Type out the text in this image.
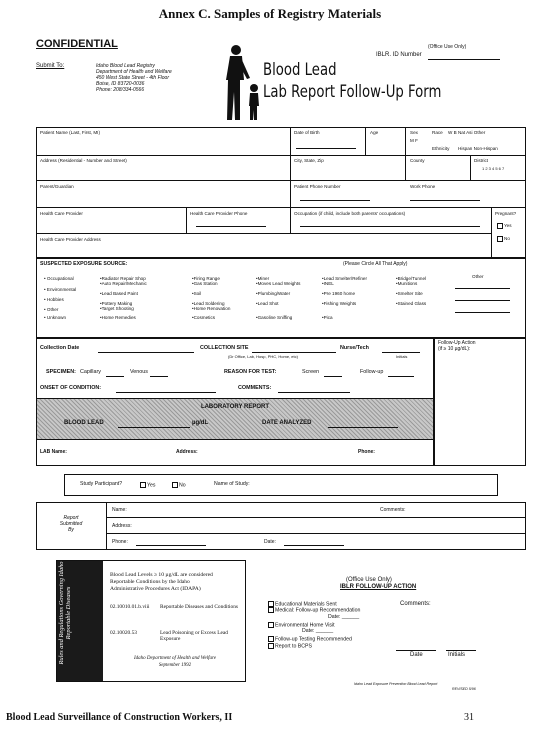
Annex C. Samples of Registry Materials
CONFIDENTIAL	(Office Use Only)
IBLR. ID Number
Submit To:	Idaho Blood Lead Registry
Department of Health and Welfare
450 West State Street - 4th Floor
Boise, ID 83720-0036
Phone: 208/334-0566
Blood Lead
Lab Report Follow-Up Form
Patient Name (Last, First, MI)	Date of Birth	Age	Sex
M F
Race W B Nat Asi Other
Ethnicity Hispan Non-Hispan
Address (Residential - Number and Street)	City, State, Zip	County	District
1 2 3 4 5 6 7
Parent/Guardian	Patient Phone Number	Work Phone
Health Care Provider	Health Care Provider Phone	Occupation (if child, include both parents' occupations)	Pregnant?
Yes
No
Health Care Provider Address
SUSPECTED EXPOSURE SOURCE:	(Please Circle All That Apply)
Other
• Occupational
• Environmental
• Hobbies
• Other
• Unknown
•Radiator Repair Shop
•Auto Repair/Mechanic
•Lead Based Paint
•Pottery Making
•Target Shooting
•Home Remedies
•Firing Range
•Gas Station
•Soil
•Lead Soldering
•Home Renovation
•Cosmetics
•Miner
•Moves Lead Weights
•Plumbing/Water
•Lead Shot
•Gasoline Sniffing
•Lead Smelter/Refiner
•INEL
•Pre 1960 home
•Fishing Weights
•Pica
•Bridge/Tunnel
•Munitions
•Smelter Site
•Stained Glass
Follow-Up Action
(if ≥ 10 µg/dL):
Collection Date	COLLECTION SITE
(Dr Office, Lab, Hosp, PHC, Home, etc)
Nurse/Tech
Initials
SPECIMEN: Capillary	Venous	REASON FOR TEST:	Screen	Follow-up
ONSET OF CONDITION:	COMMENTS:
LABORATORY REPORT
BLOOD LEAD	µg/dL	DATE ANALYZED
LAB Name:	Address:	Phone:
Study Participant?	Yes	No	Name of Study:
Report
Submitted
By
Name:	Comments:
Address:
Phone:	Date:
Rules and Regulations Governing Idaho Reportable Diseases
Blood Lead Levels ≥ 10 µg/dL are considered
Reportable Conditions by the Idaho
Administrative Procedures Act (IDAPA)
02.10010.01.b.viii Reportable Diseases and Conditions
02.10020.53	Lead Poisoning or Excess Lead Exposure
Idaho Department of Health and Welfare
September 1992
(Office Use Only)
IBLR FOLLOW-UP ACTION
Educational Materials Sent
Medical: Follow-up Recommendation
Date: ______
Environmental Home Visit
Date: ______
Follow-up Testing Recommended
Report to BCPS
Comments:
Date	Initials
Idaho Lead Exposure Prevention Blood Lead Report
REVISED 5/96
Blood Lead Surveillance of Construction Workers, II	31
